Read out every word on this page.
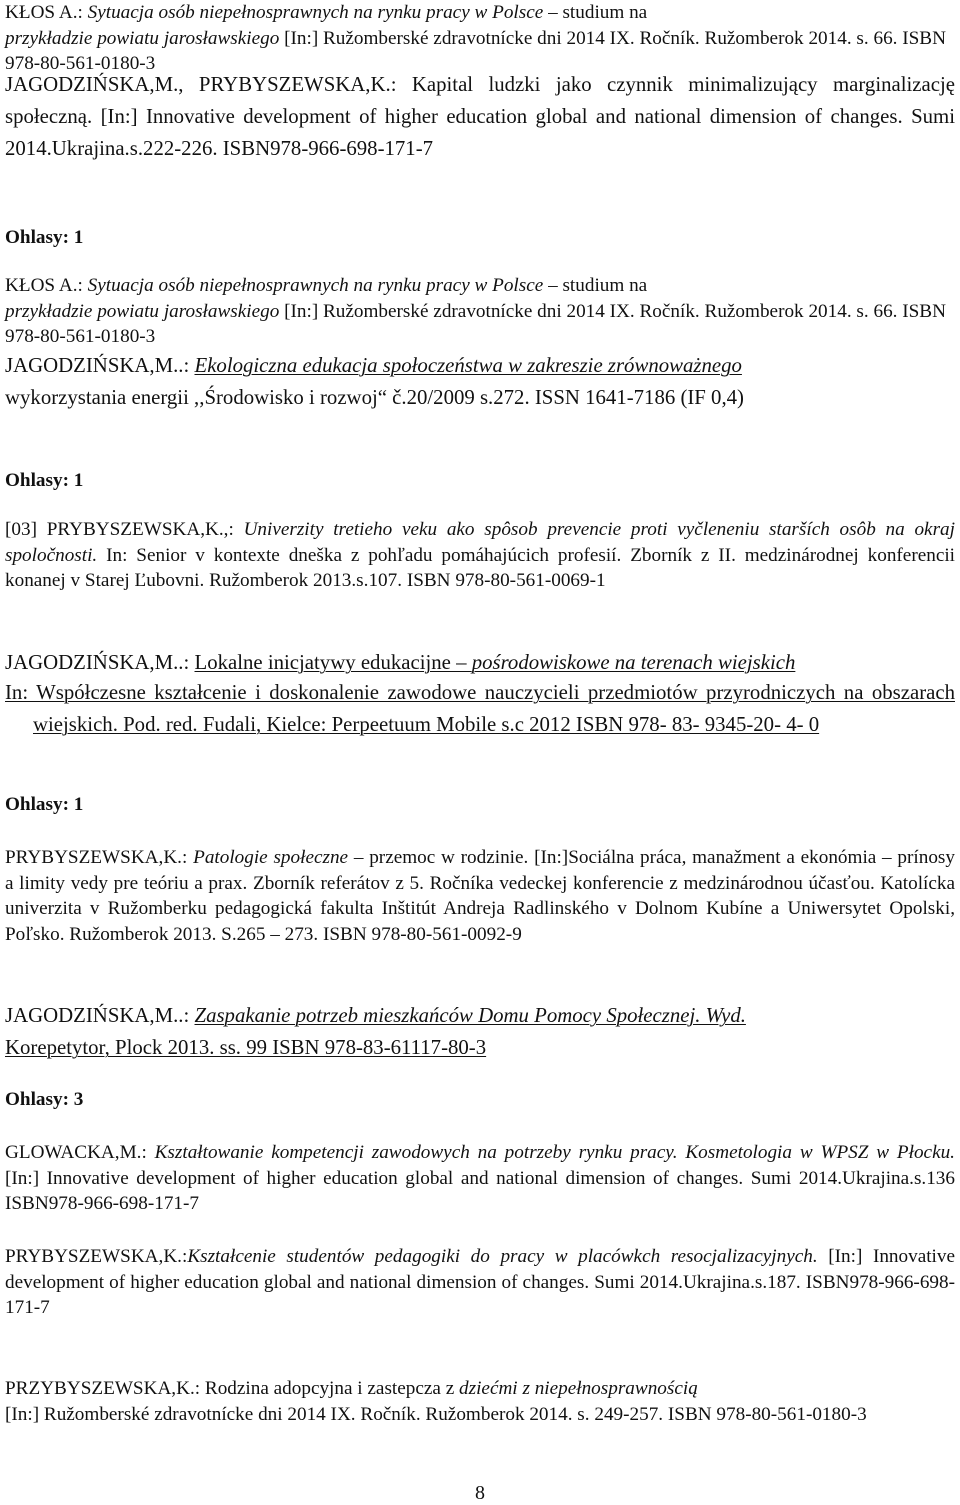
KŁOS A.: Sytuacja osób niepełnosprawnych na rynku pracy w Polsce – studium na
przykładzie powiatu jarosławskiego [In:] Ružomberské zdravotnícke dni 2014 IX. Ročník. Ružomberok 2014. s. 66. ISBN 978-80-561-0180-3

JAGODZIŃSKA,M., PRYBYSZEWSKA,K.: Kapital ludzki jako czynnik minimalizujący marginalizację społeczną. [In:] Innovative development of higher education global and national dimension of changes. Sumi 2014.Ukrajina.s.222-226. ISBN978-966-698-171-7

Ohlasy: 1

KŁOS A.: Sytuacja osób niepełnosprawnych na rynku pracy w Polsce – studium na
przykładzie powiatu jarosławskiego [In:] Ružomberské zdravotnícke dni 2014 IX. Ročník. Ružomberok 2014. s. 66. ISBN 978-80-561-0180-3

JAGODZIŃSKA,M..: Ekologiczna edukacja społoczeństwa w zakreszie zrównoważnego
wykorzystania energii ,,Środowisko i rozwoj“ č.20/2009 s.272. ISSN 1641-7186 (IF 0,4)

Ohlasy: 1

[03] PRYBYSZEWSKA,K.,: Univerzity tretieho veku ako spôsob prevencie proti vyčleneniu starších osôb na okraj spoločnosti. In: Senior v kontexte dneška z pohľadu pomáhajúcich profesií. Zborník z II. medzinárodnej konferencii konanej v Starej Ľubovni. Ružomberok 2013.s.107. ISBN 978-80-561-0069-1

JAGODZIŃSKA,M..: Lokalne inicjatywy edukacijne – pośrodowiskowe na terenach wiejskich

In: Współczesne kształcenie i doskonalenie zawodowe nauczycieli przedmiotów przyrodniczych na obszarach wiejskich. Pod. red. Fudali, Kielce: Perpeetuum Mobile s.c 2012 ISBN 978- 83- 9345-20- 4- 0

Ohlasy: 1

PRYBYSZEWSKA,K.: Patologie społeczne – przemoc w rodzinie. [In:]Sociálna práca, manažment a ekonómia – prínosy a limity vedy pre teóriu a prax. Zborník referátov z 5. Ročníka vedeckej konferencie z medzinárodnou účasťou. Katolícka univerzita v Ružomberku pedagogická fakulta Inštitút Andreja Radlinského v Dolnom Kubíne a Uniwersytet Opolski, Poľsko. Ružomberok 2013. S.265 – 273. ISBN 978-80-561-0092-9

JAGODZIŃSKA,M..: Zaspakanie potrzeb mieszkańców Domu Pomocy Społecznej. Wyd.
Korepetytor, Plock 2013. ss. 99 ISBN 978-83-61117-80-3

Ohlasy: 3

GLOWACKA,M.: Kształtowanie kompetencji zawodowych na potrzeby rynku pracy. Kosmetologia w WPSZ w Płocku. [In:] Innovative development of higher education global and national dimension of changes. Sumi 2014.Ukrajina.s.136 ISBN978-966-698-171-7

PRYBYSZEWSKA,K.:Kształcenie studentów pedagogiki do pracy w placówkch resocjalizacyjnych. [In:] Innovative development of higher education global and national dimension of changes. Sumi 2014.Ukrajina.s.187. ISBN978-966-698-171-7

PRZYBYSZEWSKA,K.: Rodzina adopcyjna i zastepcza z dziećmi z niepełnosprawnością
[In:] Ružomberské zdravotnícke dni 2014 IX. Ročník. Ružomberok 2014. s. 249-257. ISBN 978-80-561-0180-3

8
